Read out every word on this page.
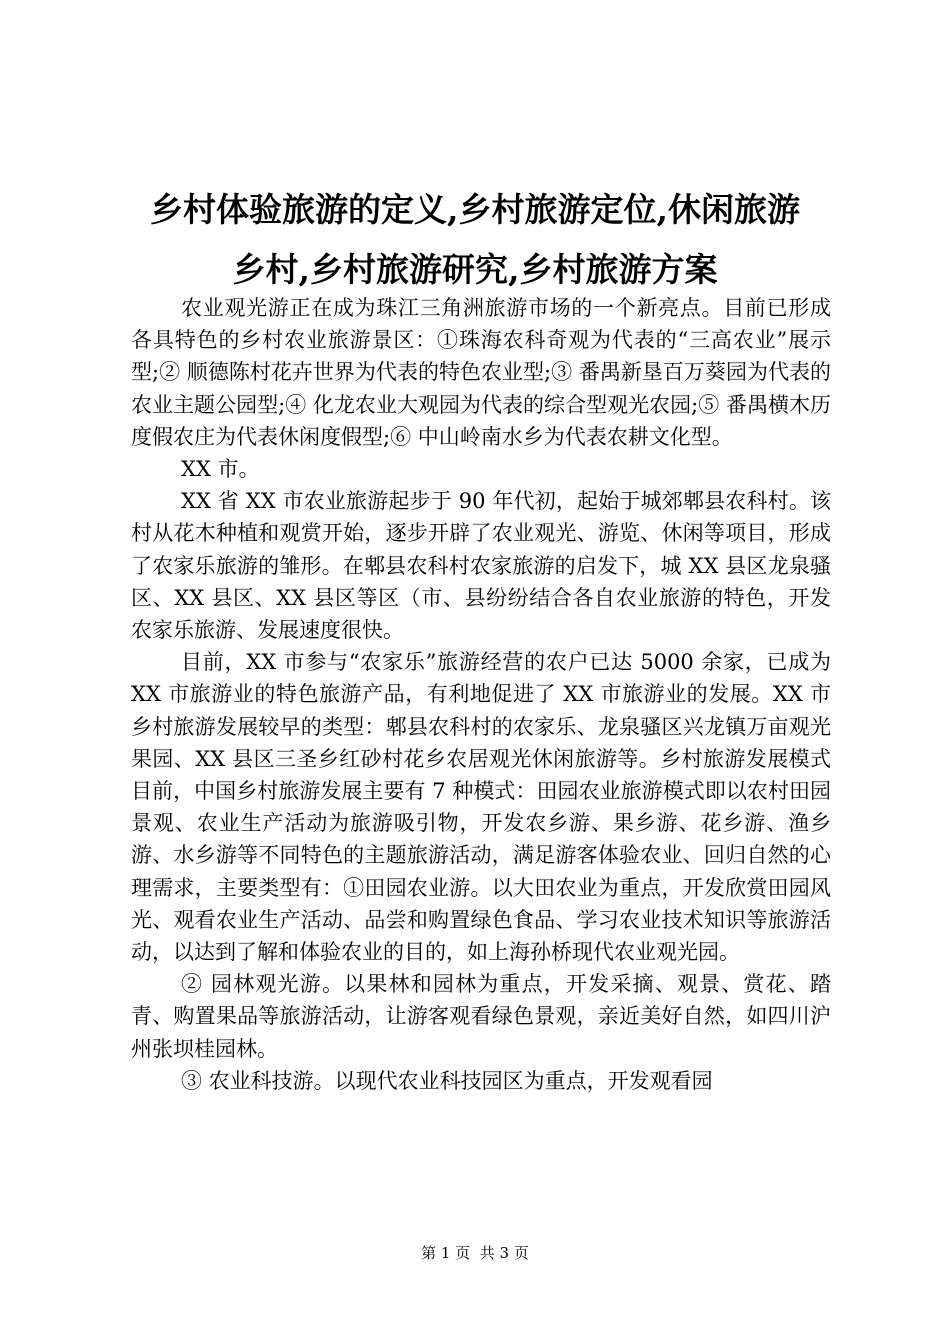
乡村体验旅游的定义,乡村旅游定位,休闲旅游
乡村,乡村旅游研究,乡村旅游方案

农业观光游正在成为珠江三角洲旅游市场的一个新亮点。目前已形成各具特色的乡村农业旅游景区：①珠海农科奇观为代表的“三高农业”展示型;② 顺德陈村花卉世界为代表的特色农业型;③ 番禺新垦百万葵园为代表的农业主题公园型;④ 化龙农业大观园为代表的综合型观光农园;⑤ 番禺横木历度假农庄为代表休闲度假型;⑥ 中山岭南水乡为代表农耕文化型。

XX 市。

XX 省 XX 市农业旅游起步于 90 年代初，起始于城郊郫县农科村。该村从花木种植和观赏开始，逐步开辟了农业观光、游览、休闲等项目，形成了农家乐旅游的雏形。在郫县农科村农家旅游的启发下，城 XX 县区龙泉骚区、XX 县区、XX 县区等区（市、县纷纷结合各自农业旅游的特色，开发农家乐旅游、发展速度很快。

目前，XX 市参与“农家乐”旅游经营的农户已达 5000 余家，已成为 XX 市旅游业的特色旅游产品，有利地促进了 XX 市旅游业的发展。XX 市乡村旅游发展较早的类型：郫县农科村的农家乐、龙泉骚区兴龙镇万亩观光果园、XX 县区三圣乡红砂村花乡农居观光休闲旅游等。乡村旅游发展模式目前，中国乡村旅游发展主要有 7 种模式：田园农业旅游模式即以农村田园景观、农业生产活动为旅游吸引物，开发农乡游、果乡游、花乡游、渔乡游、水乡游等不同特色的主题旅游活动，满足游客体验农业、回归自然的心理需求，主要类型有：①田园农业游。以大田农业为重点，开发欣赏田园风光、观看农业生产活动、品尝和购置绿色食品、学习农业技术知识等旅游活动，以达到了解和体验农业的目的，如上海孙桥现代农业观光园。

② 园林观光游。以果林和园林为重点，开发采摘、观景、赏花、踏青、购置果品等旅游活动，让游客观看绿色景观，亲近美好自然，如四川沪州张坝桂园林。

③ 农业科技游。以现代农业科技园区为重点，开发观看园

第 1 页  共 3 页
